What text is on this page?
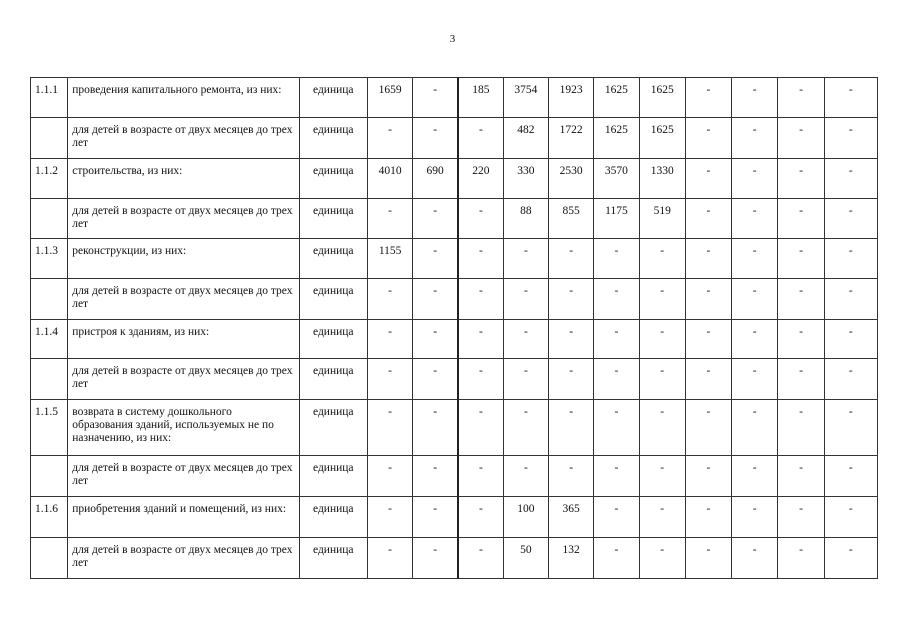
3
1.1.1	проведения капитального ремонта, из них:	единица	1659	-	185	3754	1923	1625	1625	-	-	-	-
	для детей в возрасте от двух месяцев до трех лет	единица	-	-	-	482	1722	1625	1625	-	-	-	-
1.1.2	строительства, из них:	единица	4010	690	220	330	2530	3570	1330	-	-	-	-
	для детей в возрасте от двух месяцев до трех лет	единица	-	-	-	88	855	1175	519	-	-	-	-
1.1.3	реконструкции, из них:	единица	1155	-	-	-	-	-	-	-	-	-	-
	для детей в возрасте от двух месяцев до трех лет	единица	-	-	-	-	-	-	-	-	-	-	-
1.1.4	пристроя к зданиям, из них:	единица	-	-	-	-	-	-	-	-	-	-	-
	для детей в возрасте от двух месяцев до трех лет	единица	-	-	-	-	-	-	-	-	-	-	-
1.1.5	возврата в систему дошкольного образования зданий, используемых не по назначению, из них:	единица	-	-	-	-	-	-	-	-	-	-	-
	для детей в возрасте от двух месяцев до трех лет	единица	-	-	-	-	-	-	-	-	-	-	-
1.1.6	приобретения зданий и помещений, из них:	единица	-	-	-	100	365	-	-	-	-	-	-
	для детей в возрасте от двух месяцев до трех лет	единица	-	-	-	50	132	-	-	-	-	-	-
